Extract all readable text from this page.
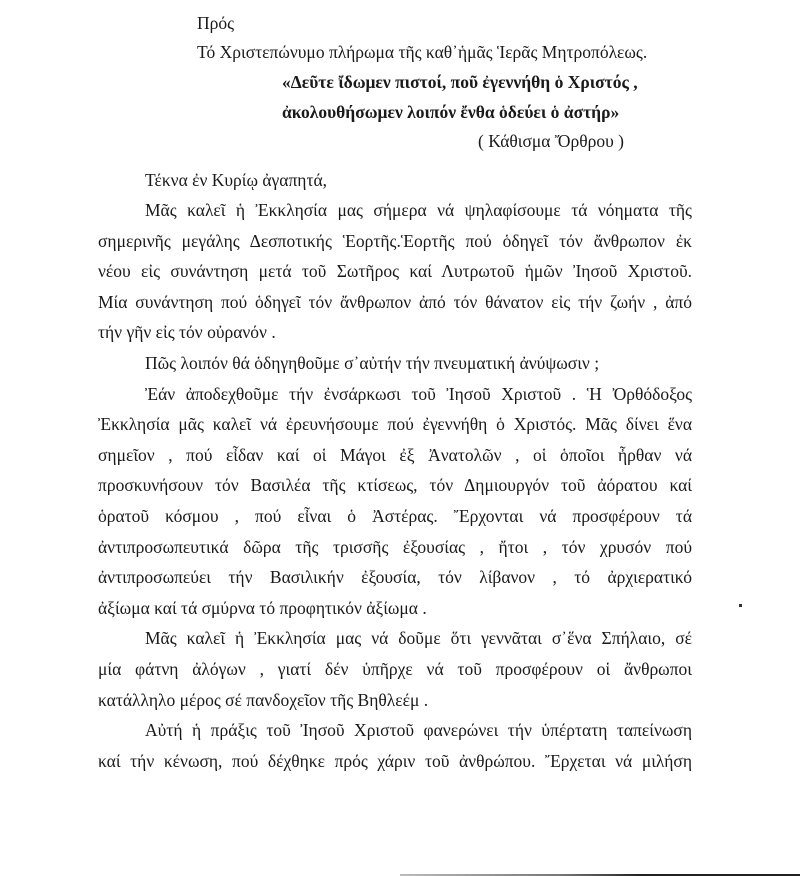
Πρός
Τό Χριστεπώνυμο πλήρωμα τῆς καθ᾽ἡμᾶς Ἱερᾶς Μητροπόλεως.
«Δεῦτε ἴδωμεν πιστοί, ποῦ ἐγεννήθη ὁ Χριστός ,
ἀκολουθήσωμεν λοιπόν ἔνθα ὁδεύει ὁ ἀστήρ»
( Κάθισμα Ὄρθρου )
Τέκνα ἐν Κυρίῳ ἀγαπητά,
Μᾶς καλεῖ ἡ Ἐκκλησία μας σήμερα νά ψηλαφίσουμε τά νόηματα τῆς
σημερινῆς μεγάλης Δεσποτικής Ἑορτῆς.Ἑορτῆς πού ὁδηγεῖ τόν ἄνθρωπον ἐκ
νέου εἰς συνάντηση μετά τοῦ Σωτῆρος καί Λυτρωτοῦ ἡμῶν Ἰησοῦ Χριστοῦ.
Μία συνάντηση πού ὁδηγεῖ τόν ἄνθρωπον ἀπό τόν θάνατον εἰς τήν ζωήν , ἀπό
τήν γῆν εἰς τόν οὐρανόν .
Πῶς λοιπόν θά ὁδηγηθοῦμε σ᾽αὐτήν τήν πνευματική ἀνύψωσιν ;
Ἐάν ἀποδεχθοῦμε τήν ἐνσάρκωσι τοῦ Ἰησοῦ Χριστοῦ . Ἡ Ὀρθόδοξος
Ἐκκλησία μᾶς καλεῖ νά ἐρευνήσουμε πού ἐγεννήθη ὁ Χριστός. Μᾶς δίνει ἕνα
σημεῖον , πού εἶδαν καί οἱ Μάγοι ἐξ Ἀνατολῶν , οἱ ὁποῖοι ἦρθαν νά
προσκυνήσουν τόν Βασιλέα τῆς κτίσεως, τόν Δημιουργόν τοῦ ἀόρατου καί
ὁρατοῦ κόσμου , πού εἶναι ὁ Ἀστέρας. Ἔρχονται νά προσφέρουν τά
ἀντιπροσωπευτικά δῶρα τῆς τρισσῆς ἐξουσίας , ἤτοι , τόν χρυσόν πού
ἀντιπροσωπεύει τήν Βασιλικήν ἐξουσία, τόν λίβανον , τό ἀρχιερατικό
ἀξίωμα καί τά σμύρνα τό προφητικόν ἀξίωμα .
Μᾶς καλεῖ ἡ Ἐκκλησία μας νά δοῦμε ὅτι γεννᾶται σ᾽ἕνα Σπήλαιο, σέ
μία φάτνη ἀλόγων , γιατί δέν ὑπῆρχε νά τοῦ προσφέρουν οἱ ἄνθρωποι
κατάλληλο μέρος σέ πανδοχεῖον τῆς Βηθλεέμ .
Αὐτή ἡ πράξις τοῦ Ἰησοῦ Χριστοῦ φανερώνει τήν ὑπέρτατη ταπείνωση
καί τήν κένωση, πού δέχθηκε πρός χάριν τοῦ ἀνθρώπου. Ἔρχεται νά μιλήση
